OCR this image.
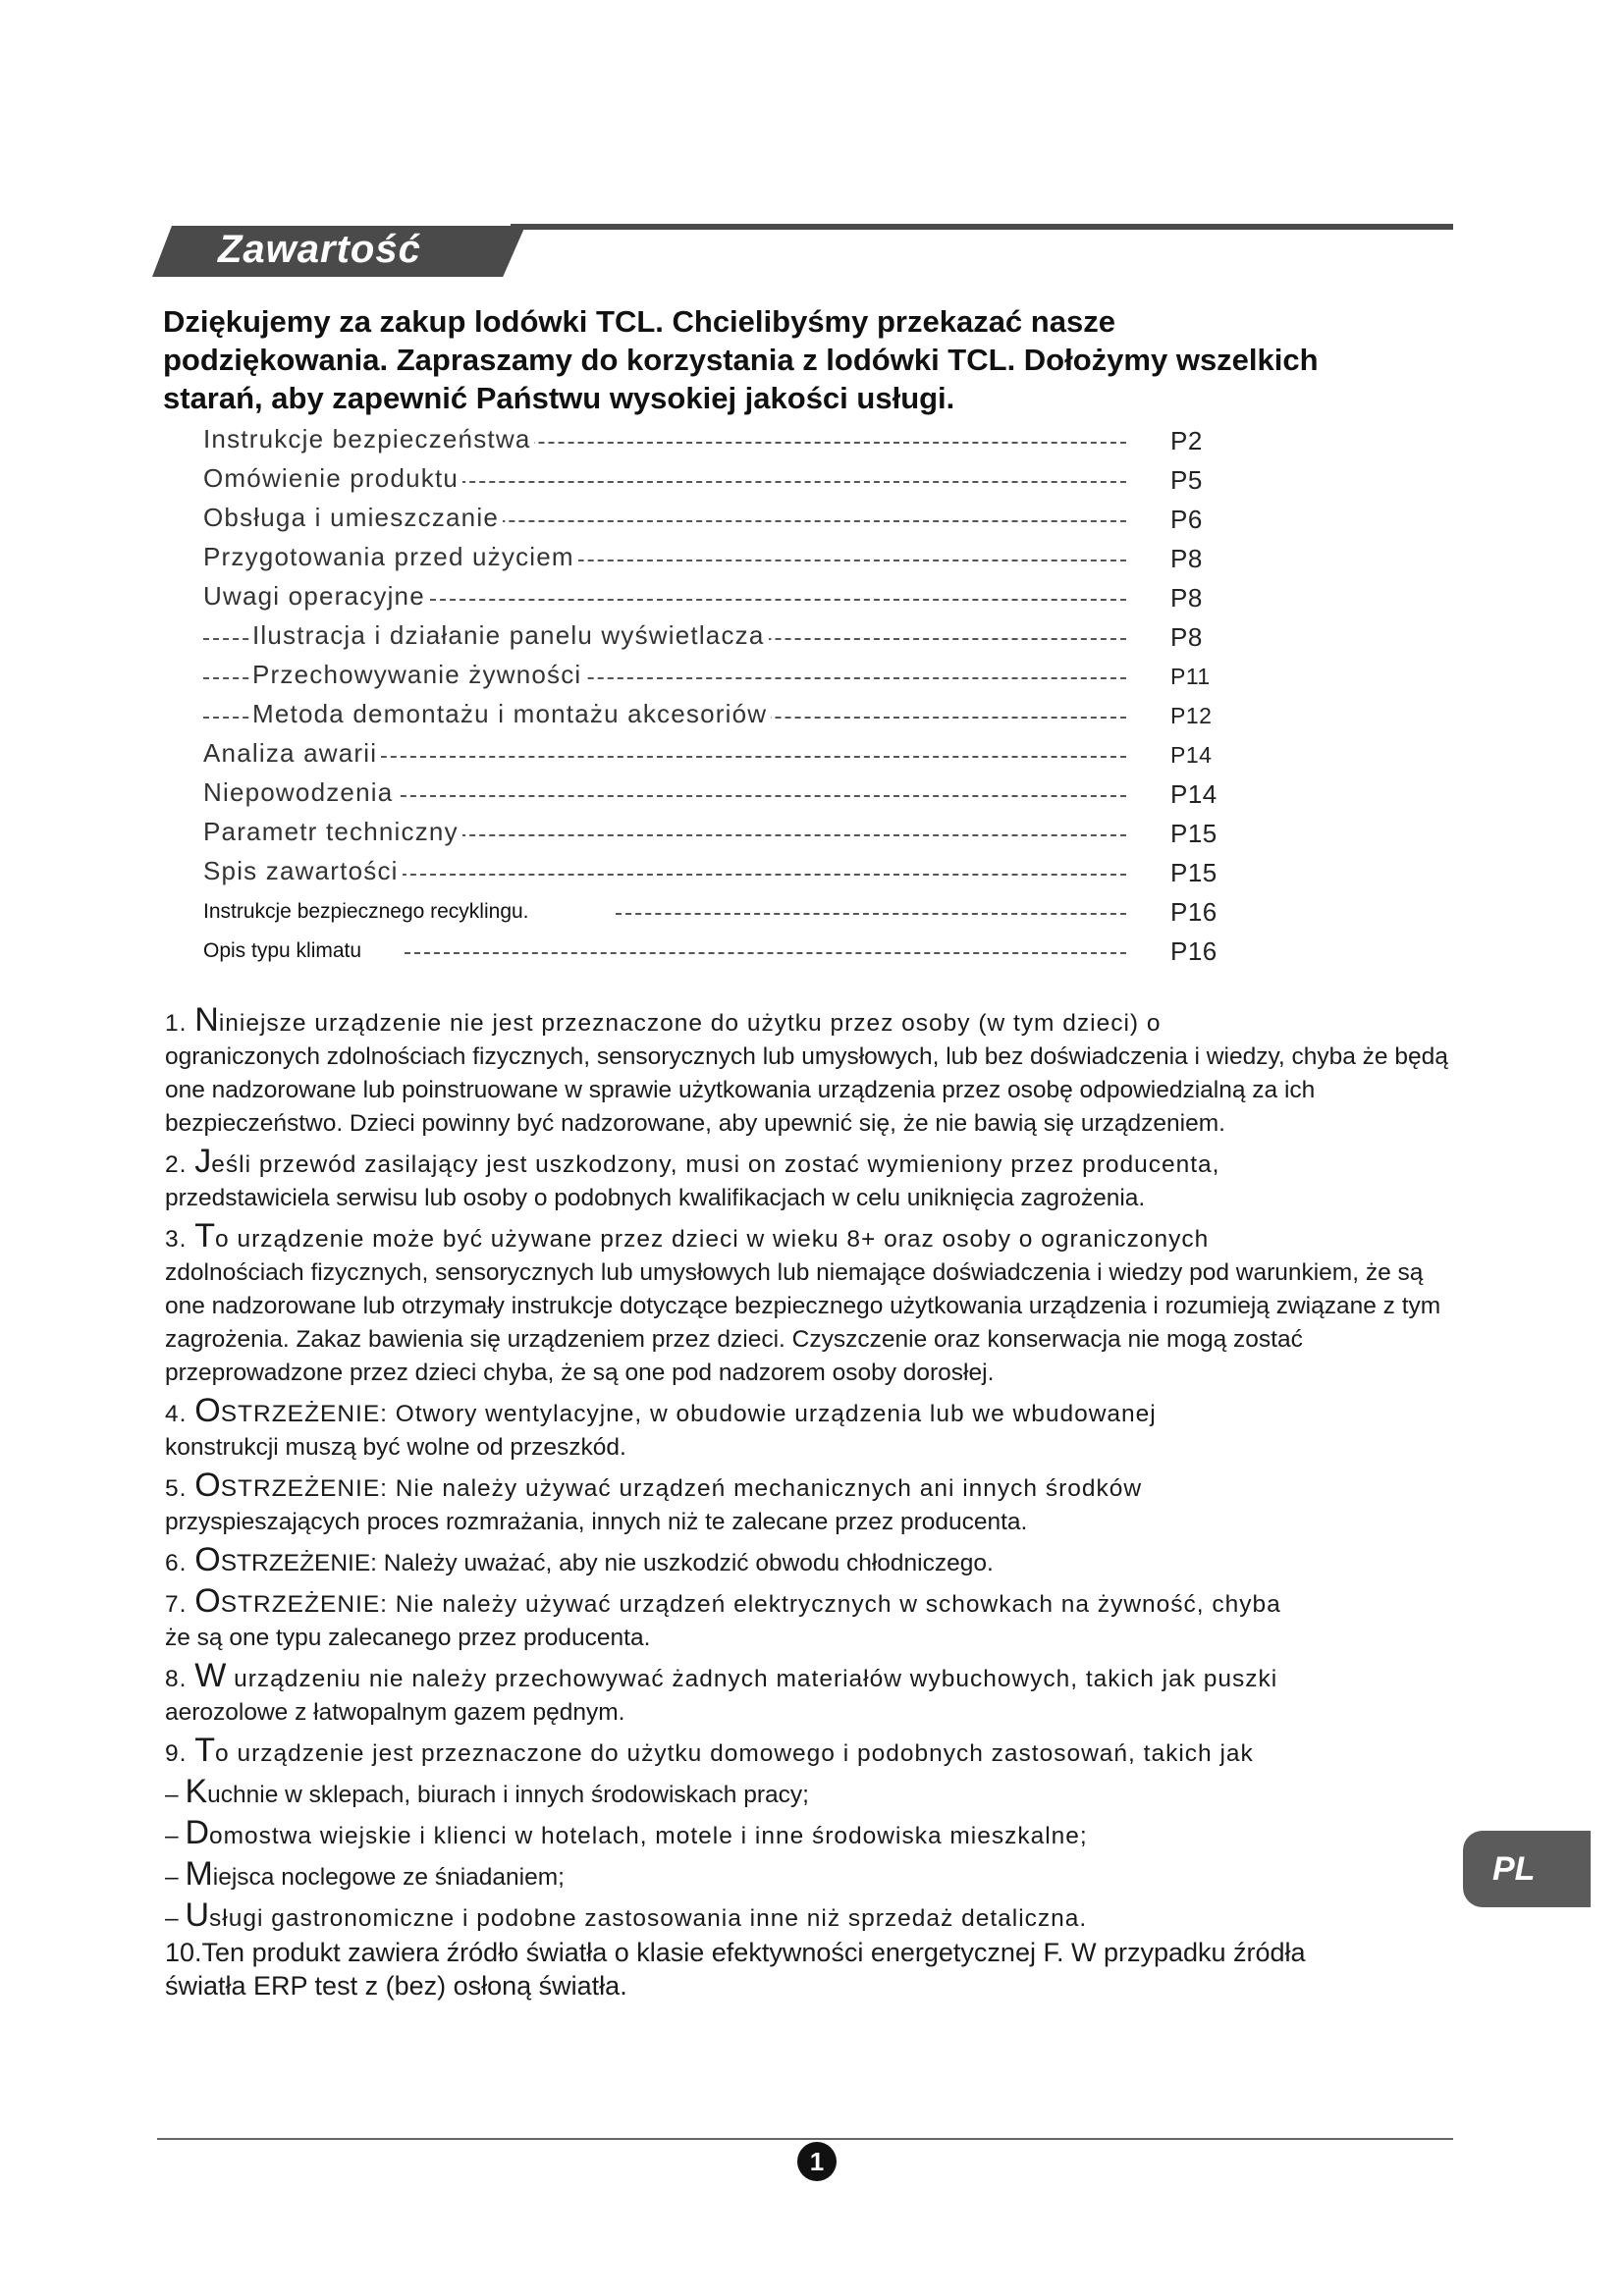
Zawartość
Dziękujemy za zakup lodówki TCL. Chcielibyśmy przekazać nasze podziękowania. Zapraszamy do korzystania z lodówki TCL. Dołożymy wszelkich starań, aby zapewnić Państwu wysokiej jakości usługi.
Instrukcje bezpieczeństwa	P2
Omówienie produktu	P5
Obsługa i umieszczanie	P6
Przygotowania przed użyciem	P8
Uwagi operacyjne	P8
Ilustracja i działanie panelu wyświetlacza	P8
Przechowywanie żywności	P11
Metoda demontażu i montażu akcesoriów	P12
Analiza awarii	P14
Niepowodzenia	P14
Parametr techniczny	P15
Spis zawartości	P15
Instrukcje bezpiecznego recyklingu.	P16
Opis typu klimatu	P16

1. Niniejsze urządzenie nie jest przeznaczone do użytku przez osoby (w tym dzieci) o
ograniczonych zdolnościach fizycznych, sensorycznych lub umysłowych, lub bez doświadczenia i wiedzy, chyba że będą one nadzorowane lub poinstruowane w sprawie użytkowania urządzenia przez osobę odpowiedzialną za ich bezpieczeństwo. Dzieci powinny być nadzorowane, aby upewnić się, że nie bawią się urządzeniem.

2. Jeśli przewód zasilający jest uszkodzony, musi on zostać wymieniony przez producenta,
przedstawiciela serwisu lub osoby o podobnych kwalifikacjach w celu uniknięcia zagrożenia.

3. To urządzenie może być używane przez dzieci w wieku 8+ oraz osoby o ograniczonych
zdolnościach fizycznych, sensorycznych lub umysłowych lub niemające doświadczenia i wiedzy pod warunkiem, że są one nadzorowane lub otrzymały instrukcje dotyczące bezpiecznego użytkowania urządzenia i rozumieją związane z tym zagrożenia. Zakaz bawienia się urządzeniem przez dzieci. Czyszczenie oraz konserwacja nie mogą zostać przeprowadzone przez dzieci chyba, że są one pod nadzorem osoby dorosłej.

4. OSTRZEŻENIE: Otwory wentylacyjne, w obudowie urządzenia lub we wbudowanej
konstrukcji muszą być wolne od przeszkód.

5. OSTRZEŻENIE: Nie należy używać urządzeń mechanicznych ani innych środków
przyspieszających proces rozmrażania, innych niż te zalecane przez producenta.

6. OSTRZEŻENIE: Należy uważać, aby nie uszkodzić obwodu chłodniczego.

7. OSTRZEŻENIE: Nie należy używać urządzeń elektrycznych w schowkach na żywność, chyba
że są one typu zalecanego przez producenta.

8. W urządzeniu nie należy przechowywać żadnych materiałów wybuchowych, takich jak puszki
aerozolowe z łatwopalnym gazem pędnym.

9. To urządzenie jest przeznaczone do użytku domowego i podobnych zastosowań, takich jak

– Kuchnie w sklepach, biurach i innych środowiskach pracy;

– Domostwa wiejskie i klienci w hotelach, motele i inne środowiska mieszkalne;

– Miejsca noclegowe ze śniadaniem;

– Usługi gastronomiczne i podobne zastosowania inne niż sprzedaż detaliczna.

10.Ten produkt zawiera źródło światła o klasie efektywności energetycznej F. W przypadku źródła
światła ERP test z (bez) osłoną światła.

1
PL
